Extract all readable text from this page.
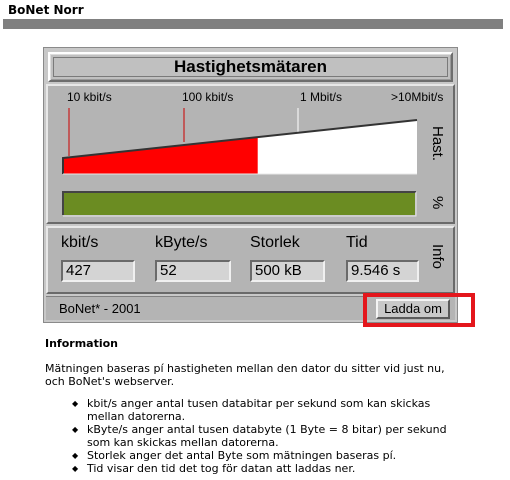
BoNet Norr
Hastighetsmätaren
10 kbit/s	100 kbit/s	1 Mbit/s	>10Mbit/s
Hast.
%
kbit/s	kByte/s	Storlek	Tid
427	52	500 kB	9.546 s
Info
BoNet* - 2001	Ladda om
Information

Mätningen baseras pí hastigheten mellan den dator du sitter vid just nu, och BoNet's webserver.

◆ kbit/s anger antal tusen databitar per sekund som kan skickas mellan datorerna.
◆ kByte/s anger antal tusen databyte (1 Byte = 8 bitar) per sekund som kan skickas mellan datorerna.
◆ Storlek anger det antal Byte som mätningen baseras pí.
◆ Tid visar den tid det tog för datan att laddas ner.
